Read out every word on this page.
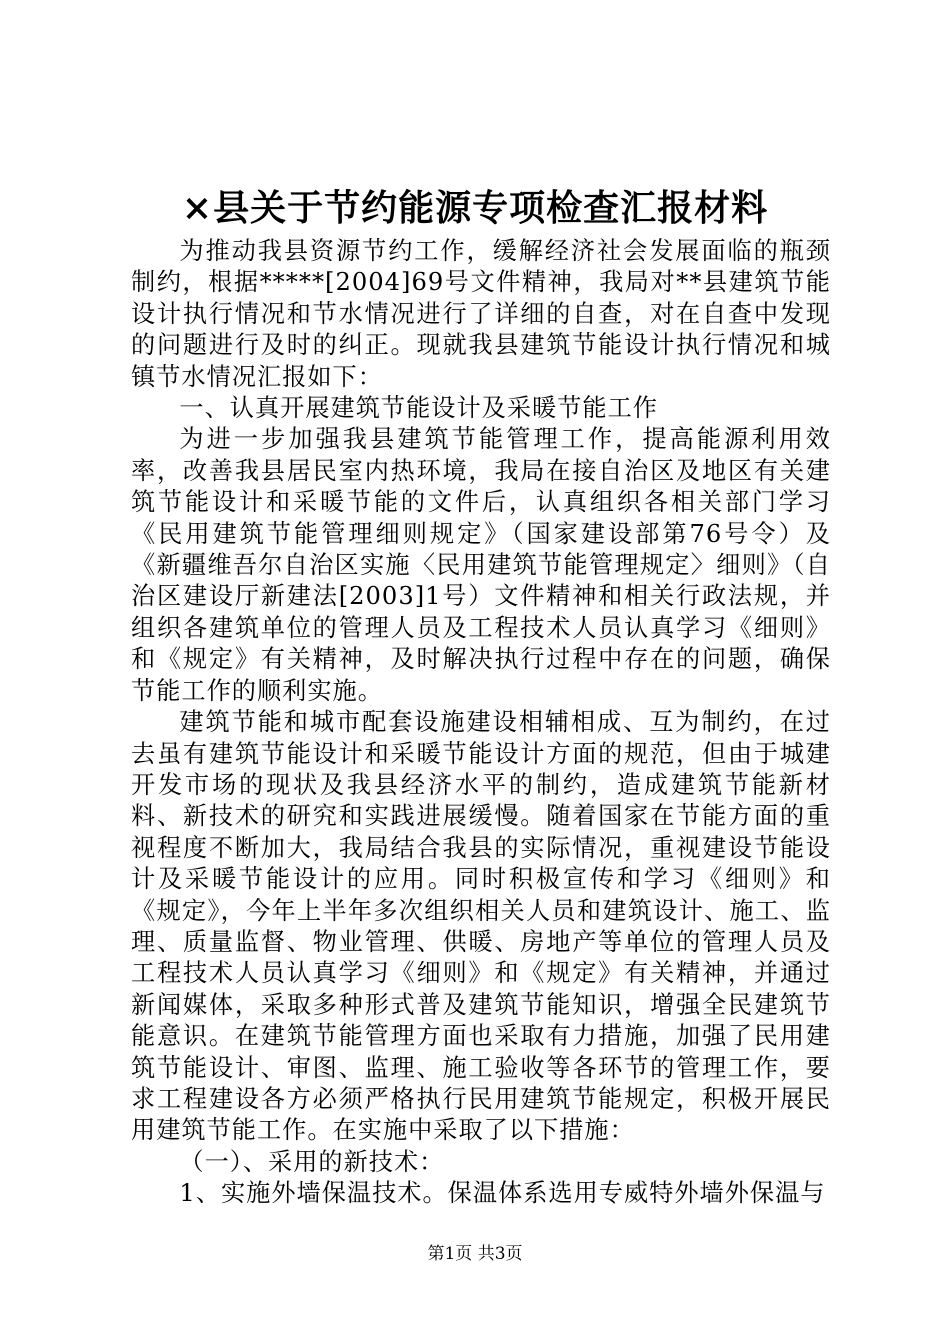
×县关于节约能源专项检查汇报材料

为推动我县资源节约工作，缓解经济社会发展面临的瓶颈制约，根据*****[2004]69号文件精神，我局对**县建筑节能设计执行情况和节水情况进行了详细的自查，对在自查中发现的问题进行及时的纠正。现就我县建筑节能设计执行情况和城镇节水情况汇报如下：

一、认真开展建筑节能设计及采暖节能工作

为进一步加强我县建筑节能管理工作，提高能源利用效率，改善我县居民室内热环境，我局在接自治区及地区有关建筑节能设计和采暖节能的文件后，认真组织各相关部门学习《民用建筑节能管理细则规定》（国家建设部第76号令）及《新疆维吾尔自治区实施〈民用建筑节能管理规定〉细则》（自治区建设厅新建法[2003]1号）文件精神和相关行政法规，并组织各建筑单位的管理人员及工程技术人员认真学习《细则》和《规定》有关精神，及时解决执行过程中存在的问题，确保节能工作的顺利实施。

建筑节能和城市配套设施建设相辅相成、互为制约，在过去虽有建筑节能设计和采暖节能设计方面的规范，但由于城建开发市场的现状及我县经济水平的制约，造成建筑节能新材料、新技术的研究和实践进展缓慢。随着国家在节能方面的重视程度不断加大，我局结合我县的实际情况，重视建设节能设计及采暖节能设计的应用。同时积极宣传和学习《细则》和《规定》，今年上半年多次组织相关人员和建筑设计、施工、监理、质量监督、物业管理、供暖、房地产等单位的管理人员及工程技术人员认真学习《细则》和《规定》有关精神，并通过新闻媒体，采取多种形式普及建筑节能知识，增强全民建筑节能意识。在建筑节能管理方面也采取有力措施，加强了民用建筑节能设计、审图、监理、施工验收等各环节的管理工作，要求工程建设各方必须严格执行民用建筑节能规定，积极开展民用建筑节能工作。在实施中采取了以下措施：

（一）、采用的新技术：

1、实施外墙保温技术。保温体系选用专威特外墙外保温与

第1页 共3页
